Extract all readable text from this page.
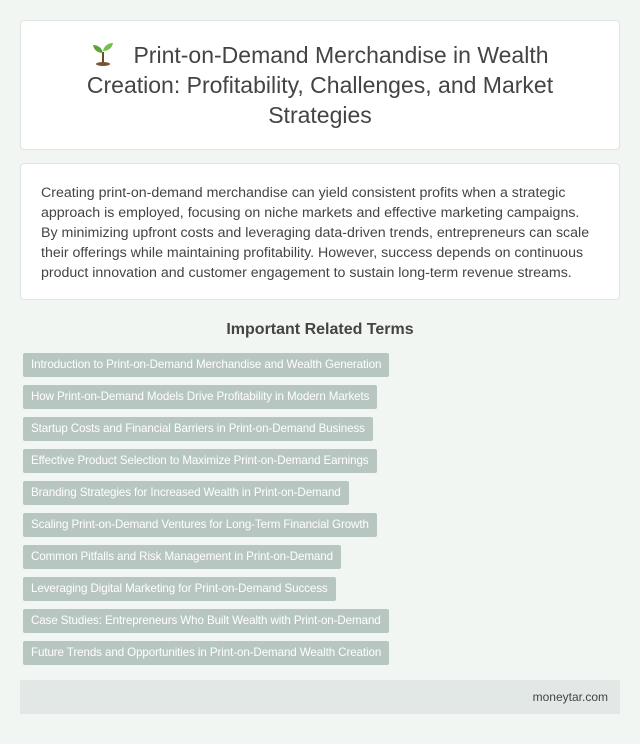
Print-on-Demand Merchandise in Wealth Creation: Profitability, Challenges, and Market Strategies

Creating print-on-demand merchandise can yield consistent profits when a strategic approach is employed, focusing on niche markets and effective marketing campaigns. By minimizing upfront costs and leveraging data-driven trends, entrepreneurs can scale their offerings while maintaining profitability. However, success depends on continuous product innovation and customer engagement to sustain long-term revenue streams.

Important Related Terms
Introduction to Print-on-Demand Merchandise and Wealth Generation
How Print-on-Demand Models Drive Profitability in Modern Markets
Startup Costs and Financial Barriers in Print-on-Demand Business
Effective Product Selection to Maximize Print-on-Demand Earnings
Branding Strategies for Increased Wealth in Print-on-Demand
Scaling Print-on-Demand Ventures for Long-Term Financial Growth
Common Pitfalls and Risk Management in Print-on-Demand
Leveraging Digital Marketing for Print-on-Demand Success
Case Studies: Entrepreneurs Who Built Wealth with Print-on-Demand
Future Trends and Opportunities in Print-on-Demand Wealth Creation
moneytar.com
